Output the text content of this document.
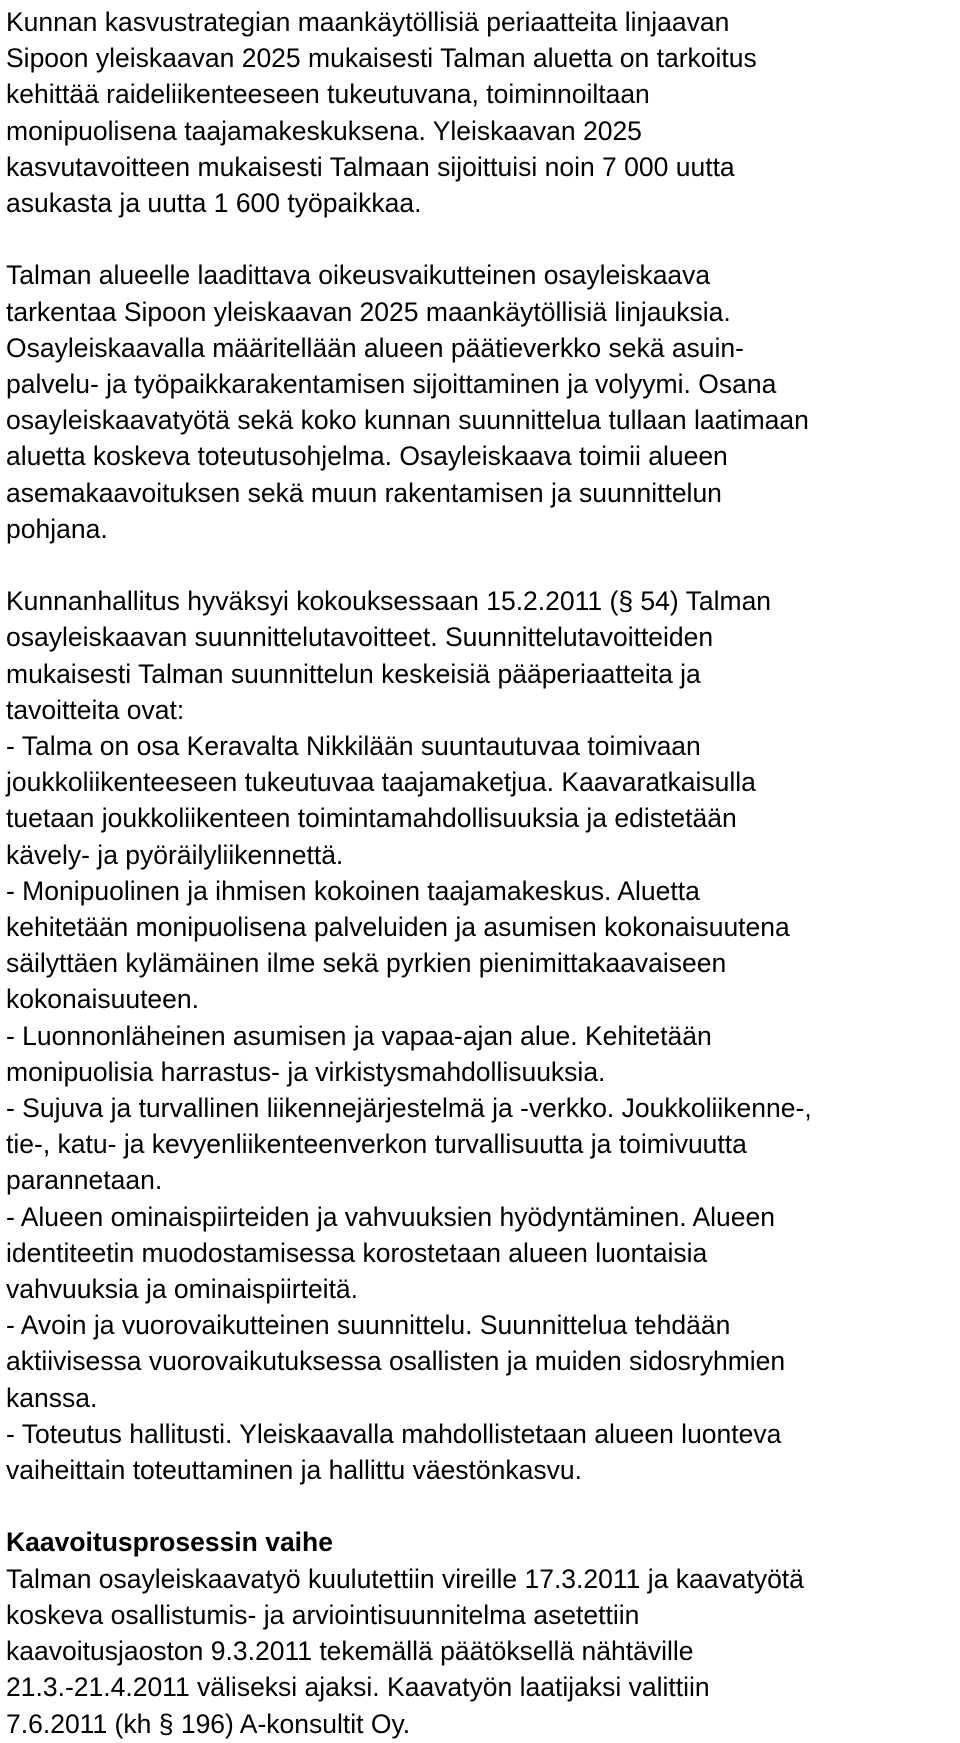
Kunnan kasvustrategian maankäytöllisiä periaatteita linjaavan
Sipoon yleiskaavan 2025 mukaisesti Talman aluetta on tarkoitus
kehittää raideliikenteeseen tukeutuvana, toiminnoiltaan
monipuolisena taajamakeskuksena. Yleiskaavan 2025
kasvutavoitteen mukaisesti Talmaan sijoittuisi noin 7 000 uutta
asukasta ja uutta 1 600 työpaikkaa.

Talman alueelle laadittava oikeusvaikutteinen osayleiskaava
tarkentaa Sipoon yleiskaavan 2025 maankäytöllisiä linjauksia.
Osayleiskaavalla määritellään alueen päätieverkko sekä asuin-
palvelu- ja työpaikkarakentamisen sijoittaminen ja volyymi. Osana
osayleiskaavatyötä sekä koko kunnan suunnittelua tullaan laatimaan
aluetta koskeva toteutusohjelma. Osayleiskaava toimii alueen
asemakaavoituksen sekä muun rakentamisen ja suunnittelun
pohjana.

Kunnanhallitus hyväksyi kokouksessaan 15.2.2011 (§ 54) Talman
osayleiskaavan suunnittelutavoitteet. Suunnittelutavoitteiden
mukaisesti Talman suunnittelun keskeisiä pääperiaatteita ja
tavoitteita ovat:
- Talma on osa Keravalta Nikkilään suuntautuvaa toimivaan
joukkoliikenteeseen tukeutuvaa taajamaketjua. Kaavaratkaisulla
tuetaan joukkoliikenteen toimintamahdollisuuksia ja edistetään
kävely- ja pyöräilyliikennettä.
- Monipuolinen ja ihmisen kokoinen taajamakeskus. Aluetta
kehitetään monipuolisena palveluiden ja asumisen kokonaisuutena
säilyttäen kylämäinen ilme sekä pyrkien pienimittakaavaiseen
kokonaisuuteen.
- Luonnonläheinen asumisen ja vapaa-ajan alue. Kehitetään
monipuolisia harrastus- ja virkistysmahdollisuuksia.
- Sujuva ja turvallinen liikennejärjestelmä ja -verkko. Joukkoliikenne-,
tie-, katu- ja kevyenliikenteenverkon turvallisuutta ja toimivuutta
parannetaan.
- Alueen ominaispiirteiden ja vahvuuksien hyödyntäminen. Alueen
identiteetin muodostamisessa korostetaan alueen luontaisia
vahvuuksia ja ominaispiirteitä.
- Avoin ja vuorovaikutteinen suunnittelu. Suunnittelua tehdään
aktiivisessa vuorovaikutuksessa osallisten ja muiden sidosryhmien
kanssa.
- Toteutus hallitusti. Yleiskaavalla mahdollistetaan alueen luonteva
vaiheittain toteuttaminen ja hallittu väestönkasvu.

Kaavoitusprosessin vaihe
Talman osayleiskaavatyö kuulutettiin vireille 17.3.2011 ja kaavatyötä
koskeva osallistumis- ja arviointisuunnitelma asetettiin
kaavoitusjaoston 9.3.2011 tekemällä päätöksellä nähtäville
21.3.-21.4.2011 väliseksi ajaksi. Kaavatyön laatijaksi valittiin
7.6.2011 (kh § 196) A-konsultit Oy.
